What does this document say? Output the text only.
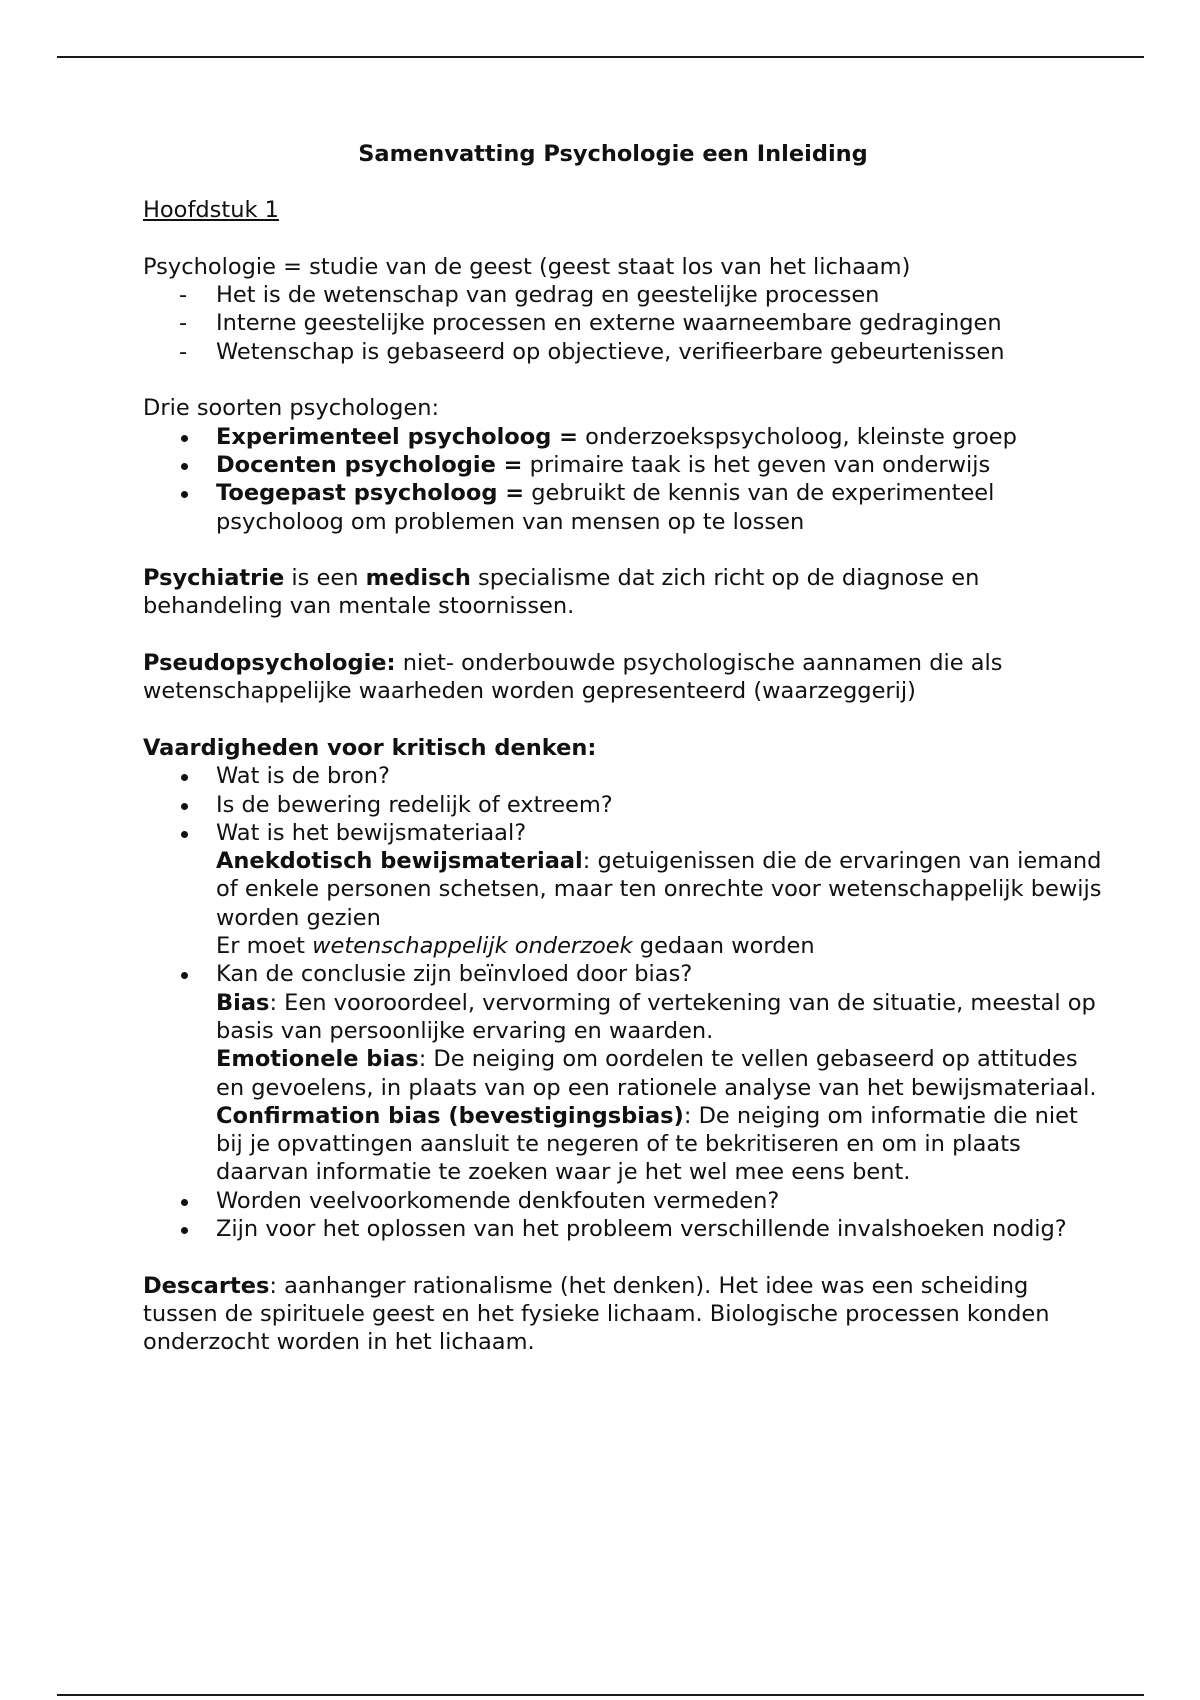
Samenvatting Psychologie een Inleiding

Hoofdstuk 1

Psychologie = studie van de geest (geest staat los van het lichaam)

- Het is de wetenschap van gedrag en geestelijke processen
- Interne geestelijke processen en externe waarneembare gedragingen
- Wetenschap is gebaseerd op objectieve, verifieerbare gebeurtenissen

Drie soorten psychologen:

Experimenteel psycholoog = onderzoekspsycholoog, kleinste groep
Docenten psychologie = primaire taak is het geven van onderwijs
Toegepast psycholoog = gebruikt de kennis van de experimenteel psycholoog om problemen van mensen op te lossen

Psychiatrie is een medisch specialisme dat zich richt op de diagnose en behandeling van mentale stoornissen.

Pseudopsychologie: niet- onderbouwde psychologische aannamen die als wetenschappelijke waarheden worden gepresenteerd (waarzeggerij)

Vaardigheden voor kritisch denken:

Wat is de bron?
Is de bewering redelijk of extreem?

Wat is het bewijsmateriaal?

Anekdotisch bewijsmateriaal: getuigenissen die de ervaringen van iemand of enkele personen schetsen, maar ten onrechte voor wetenschappelijk bewijs worden gezien

Er moet wetenschappelijk onderzoek gedaan worden

Kan de conclusie zijn beïnvloed door bias?

Bias: Een vooroordeel, vervorming of vertekening van de situatie, meestal op basis van persoonlijke ervaring en waarden.

Emotionele bias: De neiging om oordelen te vellen gebaseerd op attitudes en gevoelens, in plaats van op een rationele analyse van het bewijsmateriaal.

Confirmation bias (bevestigingsbias): De neiging om informatie die niet bij je opvattingen aansluit te negeren of te bekritiseren en om in plaats daarvan informatie te zoeken waar je het wel mee eens bent.

Worden veelvoorkomende denkfouten vermeden?
Zijn voor het oplossen van het probleem verschillende invalshoeken nodig?

Descartes: aanhanger rationalisme (het denken). Het idee was een scheiding tussen de spirituele geest en het fysieke lichaam. Biologische processen konden onderzocht worden in het lichaam.
